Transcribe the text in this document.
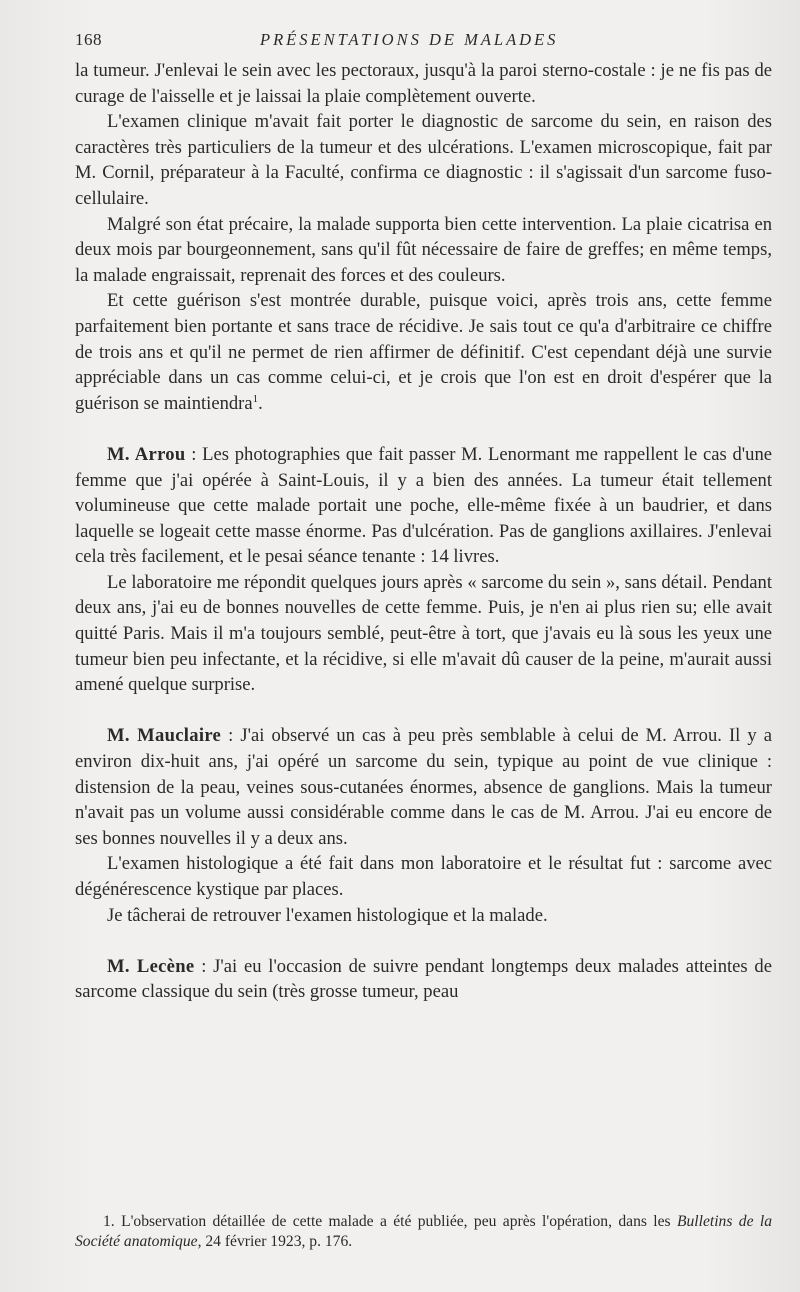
168	PRÉSENTATIONS DE MALADES

la tumeur. J'enlevai le sein avec les pectoraux, jusqu'à la paroi sterno-costale : je ne fis pas de curage de l'aisselle et je laissai la plaie complètement ouverte.

L'examen clinique m'avait fait porter le diagnostic de sarcome du sein, en raison des caractères très particuliers de la tumeur et des ulcérations. L'examen microscopique, fait par M. Cornil, préparateur à la Faculté, confirma ce diagnostic : il s'agissait d'un sarcome fuso-cellulaire.

Malgré son état précaire, la malade supporta bien cette intervention. La plaie cicatrisa en deux mois par bourgeonnement, sans qu'il fût nécessaire de faire de greffes; en même temps, la malade engraissait, reprenait des forces et des couleurs.

Et cette guérison s'est montrée durable, puisque voici, après trois ans, cette femme parfaitement bien portante et sans trace de récidive. Je sais tout ce qu'a d'arbitraire ce chiffre de trois ans et qu'il ne permet de rien affirmer de définitif. C'est cependant déjà une survie appréciable dans un cas comme celui-ci, et je crois que l'on est en droit d'espérer que la guérison se maintiendra$^1$.

M. Arrou : Les photographies que fait passer M. Lenormant me rappellent le cas d'une femme que j'ai opérée à Saint-Louis, il y a bien des années. La tumeur était tellement volumineuse que cette malade portait une poche, elle-même fixée à un baudrier, et dans laquelle se logeait cette masse énorme. Pas d'ulcération. Pas de ganglions axillaires. J'enlevai cela très facilement, et le pesai séance tenante : 14 livres.

Le laboratoire me répondit quelques jours après « sarcome du sein », sans détail. Pendant deux ans, j'ai eu de bonnes nouvelles de cette femme. Puis, je n'en ai plus rien su; elle avait quitté Paris. Mais il m'a toujours semblé, peut-être à tort, que j'avais eu là sous les yeux une tumeur bien peu infectante, et la récidive, si elle m'avait dû causer de la peine, m'aurait aussi amené quelque surprise.

M. Mauclaire : J'ai observé un cas à peu près semblable à celui de M. Arrou. Il y a environ dix-huit ans, j'ai opéré un sarcome du sein, typique au point de vue clinique : distension de la peau, veines sous-cutanées énormes, absence de ganglions. Mais la tumeur n'avait pas un volume aussi considérable comme dans le cas de M. Arrou. J'ai eu encore de ses bonnes nouvelles il y a deux ans.

L'examen histologique a été fait dans mon laboratoire et le résultat fut : sarcome avec dégénérescence kystique par places.

Je tâcherai de retrouver l'examen histologique et la malade.

M. Lecène : J'ai eu l'occasion de suivre pendant longtemps deux malades atteintes de sarcome classique du sein (très grosse tumeur, peau

1. L'observation détaillée de cette malade a été publiée, peu après l'opération, dans les Bulletins de la Société anatomique, 24 février 1923, p. 176.
